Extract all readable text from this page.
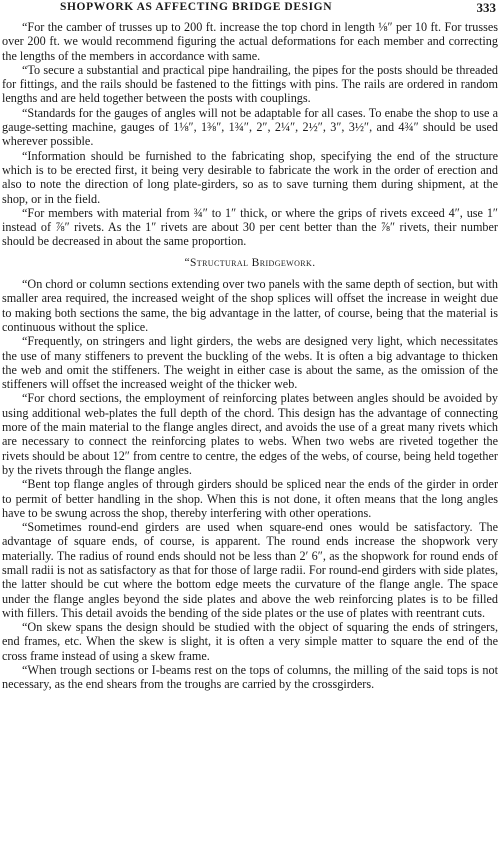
SHOPWORK AS AFFECTING BRIDGE DESIGN	333

“For the camber of trusses up to 200 ft. increase the top chord in length ⅛″ per 10 ft. For trusses over 200 ft. we would recommend figuring the actual deformations for each member and correcting the lengths of the members in accordance with same.

“To secure a substantial and practical pipe handrailing, the pipes for the posts should be threaded for fittings, and the rails should be fastened to the fittings with pins. The rails are ordered in random lengths and are held together between the posts with couplings.

“Standards for the gauges of angles will not be adaptable for all cases. To enabe the shop to use a gauge-setting machine, gauges of 1⅛″, 1⅜″, 1¾″, 2″, 2¼″, 2½″, 3″, 3½″, and 4¾″ should be used wherever possible.

“Information should be furnished to the fabricating shop, specifying the end of the structure which is to be erected first, it being very desirable to fabricate the work in the order of erection and also to note the direction of long plate-girders, so as to save turning them during shipment, at the shop, or in the field.

“For members with material from ¾″ to 1″ thick, or where the grips of rivets exceed 4″, use 1″ instead of ⅞″ rivets. As the 1″ rivets are about 30 per cent better than the ⅞″ rivets, their number should be decreased in about the same proportion.

“Structural Bridgework.

“On chord or column sections extending over two panels with the same depth of section, but with smaller area required, the increased weight of the shop splices will offset the increase in weight due to making both sections the same, the big advantage in the latter, of course, being that the material is continuous without the splice.

“Frequently, on stringers and light girders, the webs are designed very light, which necessitates the use of many stiffeners to prevent the buckling of the webs. It is often a big advantage to thicken the web and omit the stiffeners. The weight in either case is about the same, as the omission of the stiffeners will offset the increased weight of the thicker web.

“For chord sections, the employment of reinforcing plates between angles should be avoided by using additional web-plates the full depth of the chord. This design has the advantage of connecting more of the main material to the flange angles direct, and avoids the use of a great many rivets which are necessary to connect the reinforcing plates to webs. When two webs are riveted together the rivets should be about 12″ from centre to centre, the edges of the webs, of course, being held together by the rivets through the flange angles.

“Bent top flange angles of through girders should be spliced near the ends of the girder in order to permit of better handling in the shop. When this is not done, it often means that the long angles have to be swung across the shop, thereby interfering with other operations.

“Sometimes round-end girders are used when square-end ones would be satisfactory. The advantage of square ends, of course, is apparent. The round ends increase the shopwork very materially. The radius of round ends should not be less than 2′ 6″, as the shopwork for round ends of small radii is not as satisfactory as that for those of large radii. For round-end girders with side plates, the latter should be cut where the bottom edge meets the curvature of the flange angle. The space under the flange angles beyond the side plates and above the web reinforcing plates is to be filled with fillers. This detail avoids the bending of the side plates or the use of plates with reentrant cuts.

“On skew spans the design should be studied with the object of squaring the ends of stringers, end frames, etc. When the skew is slight, it is often a very simple matter to square the end of the cross frame instead of using a skew frame.

“When trough sections or I-beams rest on the tops of columns, the milling of the said tops is not necessary, as the end shears from the troughs are carried by the crossgirders.
